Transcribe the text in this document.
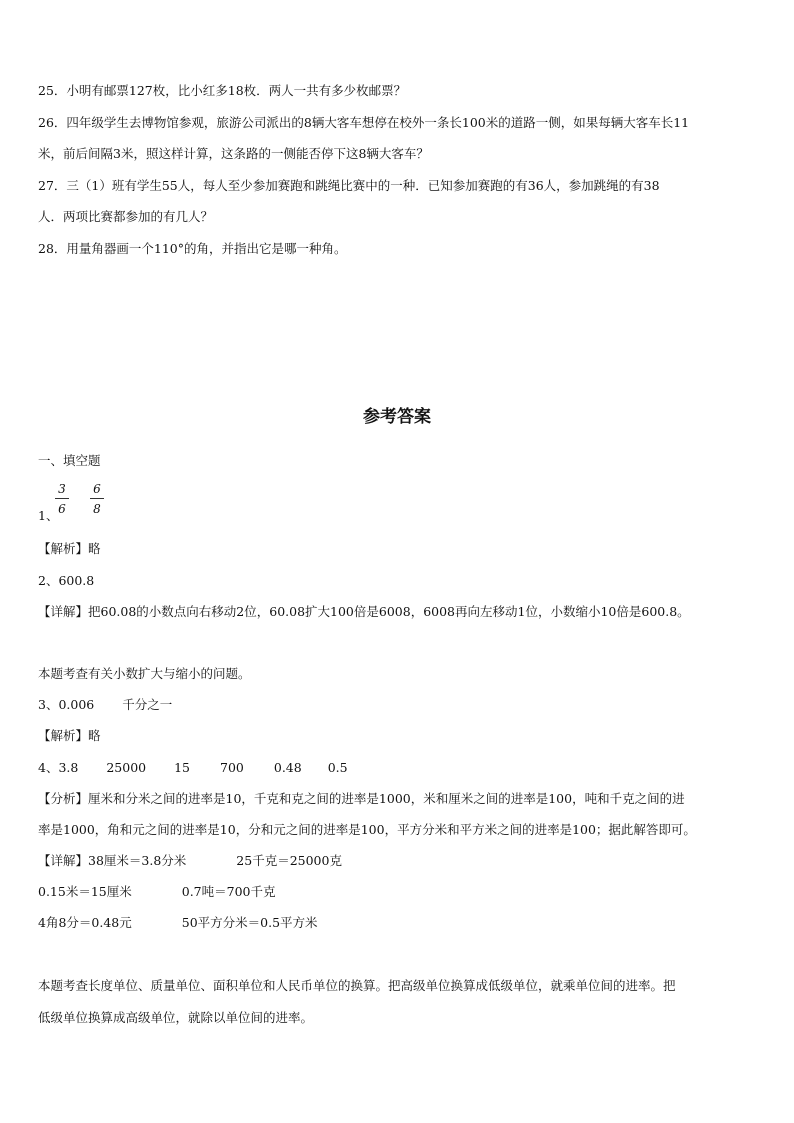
25．小明有邮票127枚，比小红多18枚．两人一共有多少枚邮票？
26．四年级学生去博物馆参观，旅游公司派出的8辆大客车想停在校外一条长100米的道路一侧，如果每辆大客车长11
米，前后间隔3米，照这样计算，这条路的一侧能否停下这8辆大客车？
27．三（1）班有学生55人，每人至少参加赛跑和跳绳比赛中的一种．已知参加赛跑的有36人，参加跳绳的有38
人．两项比赛都参加的有几人？
28．用量角器画一个110°的角，并指出它是哪一种角。
参考答案
一、填空题
3
6
6
8
1、
【解析】略
2、600.8
【详解】把60.08的小数点向右移动2位，60.08扩大100倍是6008，6008再向左移动1位，小数缩小10倍是600.8。
本题考查有关小数扩大与缩小的问题。
3、0.006 千分之一
【解析】略
4、3.8 25000 15 700 0.48 0.5
【分析】厘米和分米之间的进率是10，千克和克之间的进率是1000，米和厘米之间的进率是100，吨和千克之间的进
率是1000，角和元之间的进率是10，分和元之间的进率是100，平方分米和平方米之间的进率是100；据此解答即可。
【详解】38厘米＝3.8分米	25千克＝25000克
0.15米＝15厘米	0.7吨＝700千克
4角8分＝0.48元	50平方分米＝0.5平方米
本题考查长度单位、质量单位、面积单位和人民币单位的换算。把高级单位换算成低级单位，就乘单位间的进率。把
低级单位换算成高级单位，就除以单位间的进率。
